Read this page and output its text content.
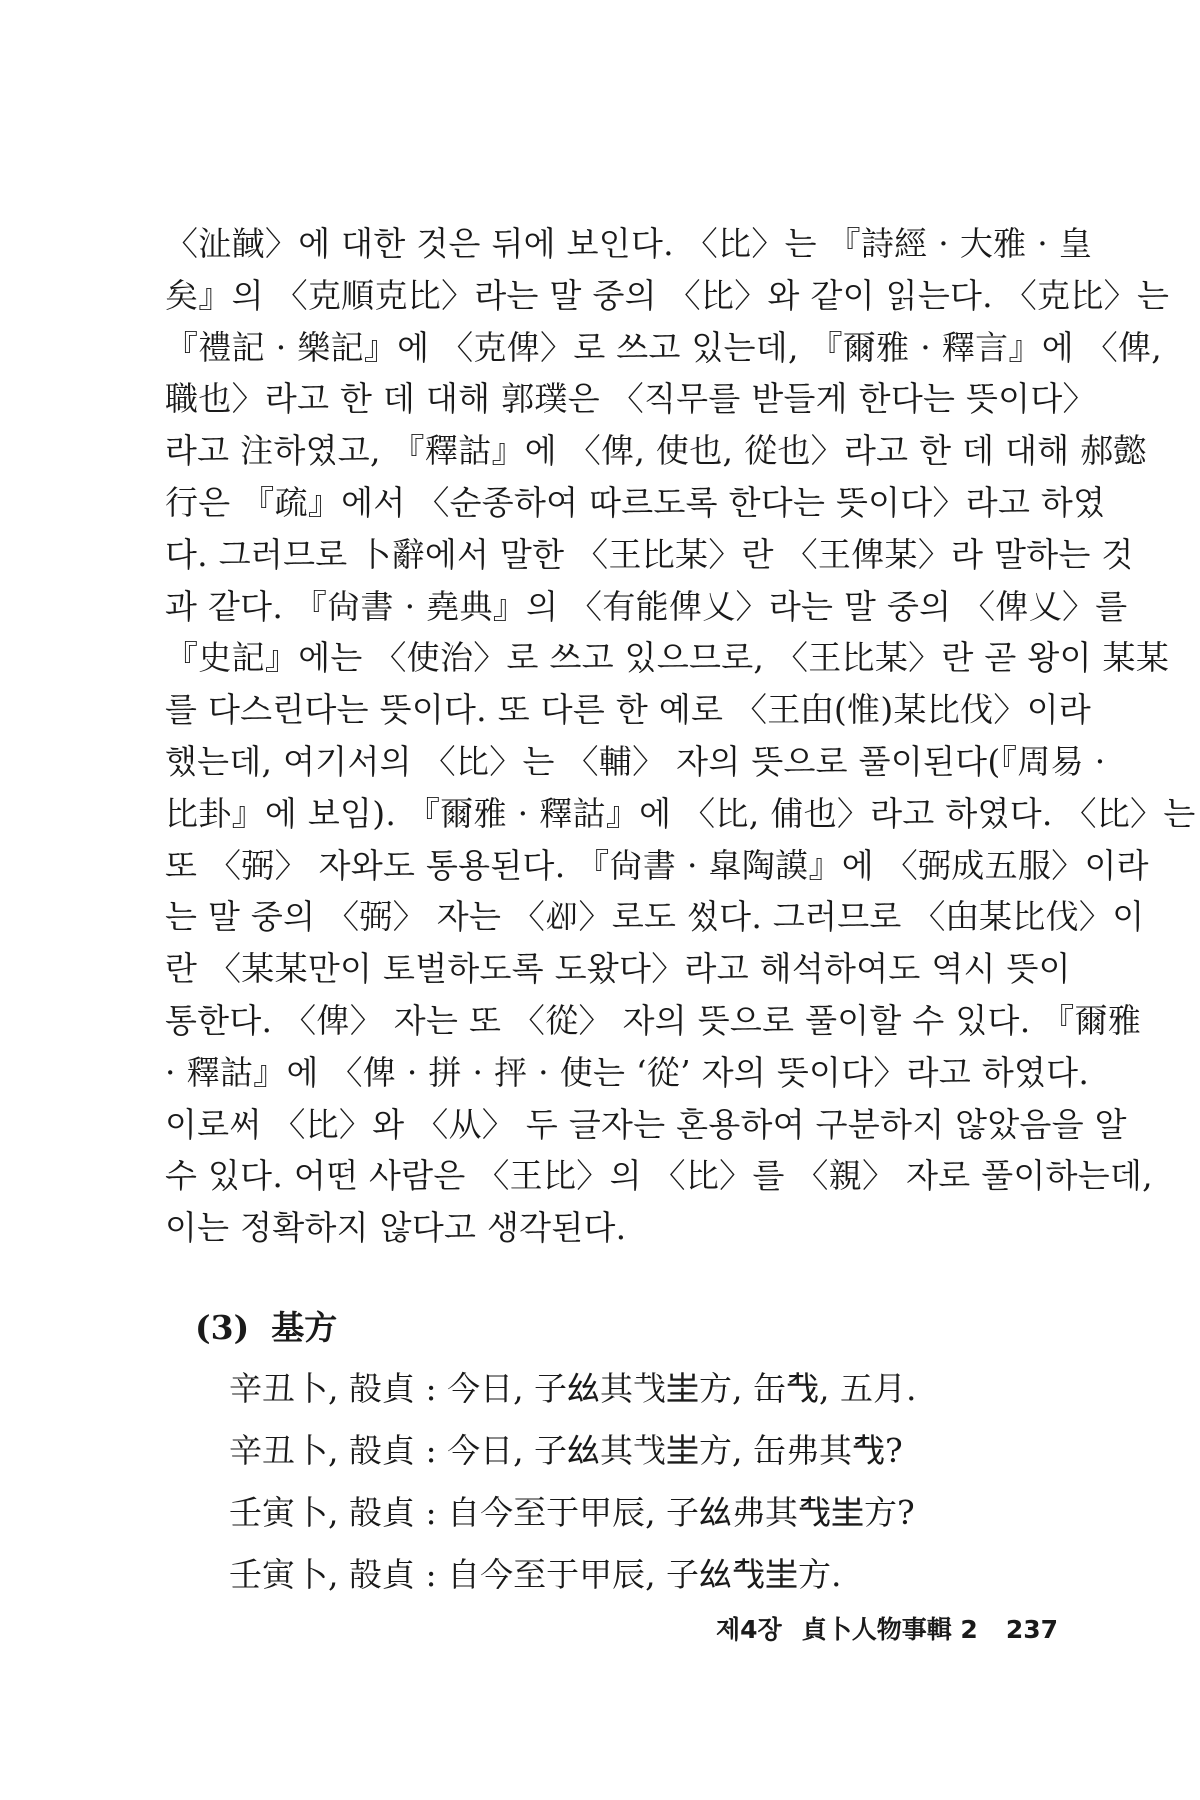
〈沚馘〉에 대한 것은 뒤에 보인다. 〈比〉는 『詩經 · 大雅 · 皇
矣』의 〈克順克比〉라는 말 중의 〈比〉와 같이 읽는다. 〈克比〉는
『禮記 · 樂記』에 〈克俾〉로 쓰고 있는데, 『爾雅 · 釋言』에 〈俾,
職也〉라고 한 데 대해 郭璞은 〈직무를 받들게 한다는 뜻이다〉
라고 注하였고, 『釋詁』에 〈俾, 使也, 從也〉라고 한 데 대해 郝懿
行은 『疏』에서 〈순종하여 따르도록 한다는 뜻이다〉라고 하였
다. 그러므로 卜辭에서 말한 〈王比某〉란 〈王俾某〉라 말하는 것
과 같다. 『尙書 · 堯典』의 〈有能俾乂〉라는 말 중의 〈俾乂〉를
『史記』에는 〈使治〉로 쓰고 있으므로, 〈王比某〉란 곧 왕이 某某
를 다스린다는 뜻이다. 또 다른 한 예로 〈王甶(惟)某比伐〉이라
했는데, 여기서의 〈比〉는 〈輔〉 자의 뜻으로 풀이된다(『周易 ·
比卦』에 보임). 『爾雅 · 釋詁』에 〈比, 俌也〉라고 하였다. 〈比〉는
또 〈弼〉 자와도 통용된다. 『尙書 · 皐陶謨』에 〈弼成五服〉이라
는 말 중의 〈弼〉 자는 〈𠨘〉로도 썼다. 그러므로 〈甶某比伐〉이
란 〈某某만이 토벌하도록 도왔다〉라고 해석하여도 역시 뜻이
통한다. 〈俾〉 자는 또 〈從〉 자의 뜻으로 풀이할 수 있다. 『爾雅
· 釋詁』에 〈俾 · 拼 · 抨 · 使는 ‘從’ 자의 뜻이다〉라고 하였다.
이로써 〈比〉와 〈从〉 두 글자는 혼용하여 구분하지 않았음을 알
수 있다. 어떤 사람은 〈王比〉의 〈比〉를 〈親〉 자로 풀이하는데,
이는 정확하지 않다고 생각된다.
(3) 基方
辛丑卜, 㱿貞 : 今日, 子𢆶其𢦏𡉚方, 缶𢦔, 五月.
辛丑卜, 㱿貞 : 今日, 子𢆶其𢦏𡉚方, 缶弗其𢦔?
壬寅卜, 㱿貞 : 自今至于甲辰, 子𢆶弗其𢦔𡉚方?
壬寅卜, 㱿貞 : 自今至于甲辰, 子𢆶𢦔𡉚方.
제4장 貞卜人物事輯 2 237
